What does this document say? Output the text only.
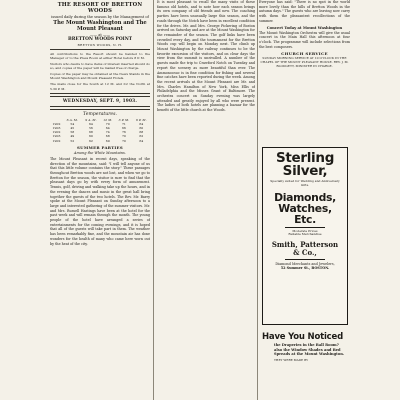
THE RESORT OF BRETTON WOODS
issued daily during the season by the Management of
The Mount Washington and The Mount Pleasant
—— at ——
BRETTON WOODS POINT
BRETTON WOODS, N. H.

All contributions to the Resort should be handed to the Manager or to the Press Room at either Hotel before 8 P. M.

Visitors who desire to have items of interest inserted should do so, and copies of the paper will be mailed free of charge.

Copies of the paper may be obtained at the News Stands in the Mount Washington and Mount Pleasant Hotels.

The mails close for the South at 12 M. and for the North at 5.30 P. M.

WEDNESDAY, SEPT. 9, 1903.
Temperatures.
	6 A. M.	9 A. M.	12 M.	3 P. M.	6 P. M.
1902	54	64	70	71	64
1903	45	56	64	66	60
1902	58	68	74	76	68
1903	49	60	68	70	62
1902	52	62	69	70	64
SUMMER PARTIES
Among the White Mountains.

The Mount Pleasant in recent days, speaking of the direction of the mountains, said: "I will tell anyone of us that this little volume contains the story." These passages throughout Bretton woods are not lost, and when we go to Bretton for the season, the visitor is sure to find that the pleasant days go by with every form of amusement. Tennis, golf, driving and walking take up the hours, and in the evening the dances and music in the great hall bring together the guests of the two hotels. The Rev. Mr. Barry spoke at the Mount Pleasant on Sunday afternoon to a large and interested gathering of the summer visitors. Mr. and Mrs. Russell Hastings have been at the hotel for the past week and will remain through the month. The young people of the hotel have arranged a series of entertainments for the coming evenings, and it is hoped that all of the guests will take part in them. The weather has been remarkably fine, and the mountain air has done wonders for the health of many who came here worn out by the heat of the city.

It is most pleasant to recall the many visits of these famous old hotels, and to note how each season brings its own company of old friends and new. The coaching parties have been unusually large this season, and the roads through the Notch have been in excellent condition for the drives. Mr. and Mrs. George Pickering of Boston arrived on Saturday and are at the Mount Washington for the remainder of the season. The golf links have been crowded every day, and the tournament for the Bretton Woods cup will begin on Monday next. The climb up Mount Washington by the railway continues to be the favorite excursion of the visitors, and on clear days the view from the summit is unrivalled. A number of the guests made the trip to Crawford Notch on Tuesday and report the scenery as more beautiful than ever. The Ammonoosuc is in fine condition for fishing and several fine catches have been reported during the week. Among the recent arrivals at the Mount Pleasant are Mr. and Mrs. Charles Hamilton of New York, Miss Ellis of Philadelphia and the Misses Grant of Baltimore. The orchestra concert on Sunday evening was largely attended and greatly enjoyed by all who were present. The ladies of both hotels are planning a bazaar for the benefit of the little church at the Woods.

Everyone has said: "There is no spot in the world more lovely than the hills of Bretton Woods in the autumn days." The guests who are leaving now carry with them the pleasantest recollections of the summer.

Concert Today at Mount Washington

The Mount Washington Orchestra will give the usual concert in the Main Hall this afternoon at four o'clock. The programme will include selections from the best composers.

CHURCH SERVICE

SUNDAY MORNING SERVICE AT 10 O'CLOCK IN THE CHAPEL OF THE MOUNT PLEASANT HOUSE. REV. J. M. BLODGETT, MINISTER IN CHARGE.

Sterling
Silver,
Specially suited for Wedding and Anniversary Gifts.
Diamonds,
Watches,
Etc.
Moderate Prices
Reliable Merchandise
Smith, Patterson
& Co.,
Diamond Merchants and Jewelers,
52 Summer St., BOSTON.
Have You Noticed
the Draperies in the Ball Room? also the Window Shades and Bed Spreads at the Mount Washington.
THEY WERE MADE BY
